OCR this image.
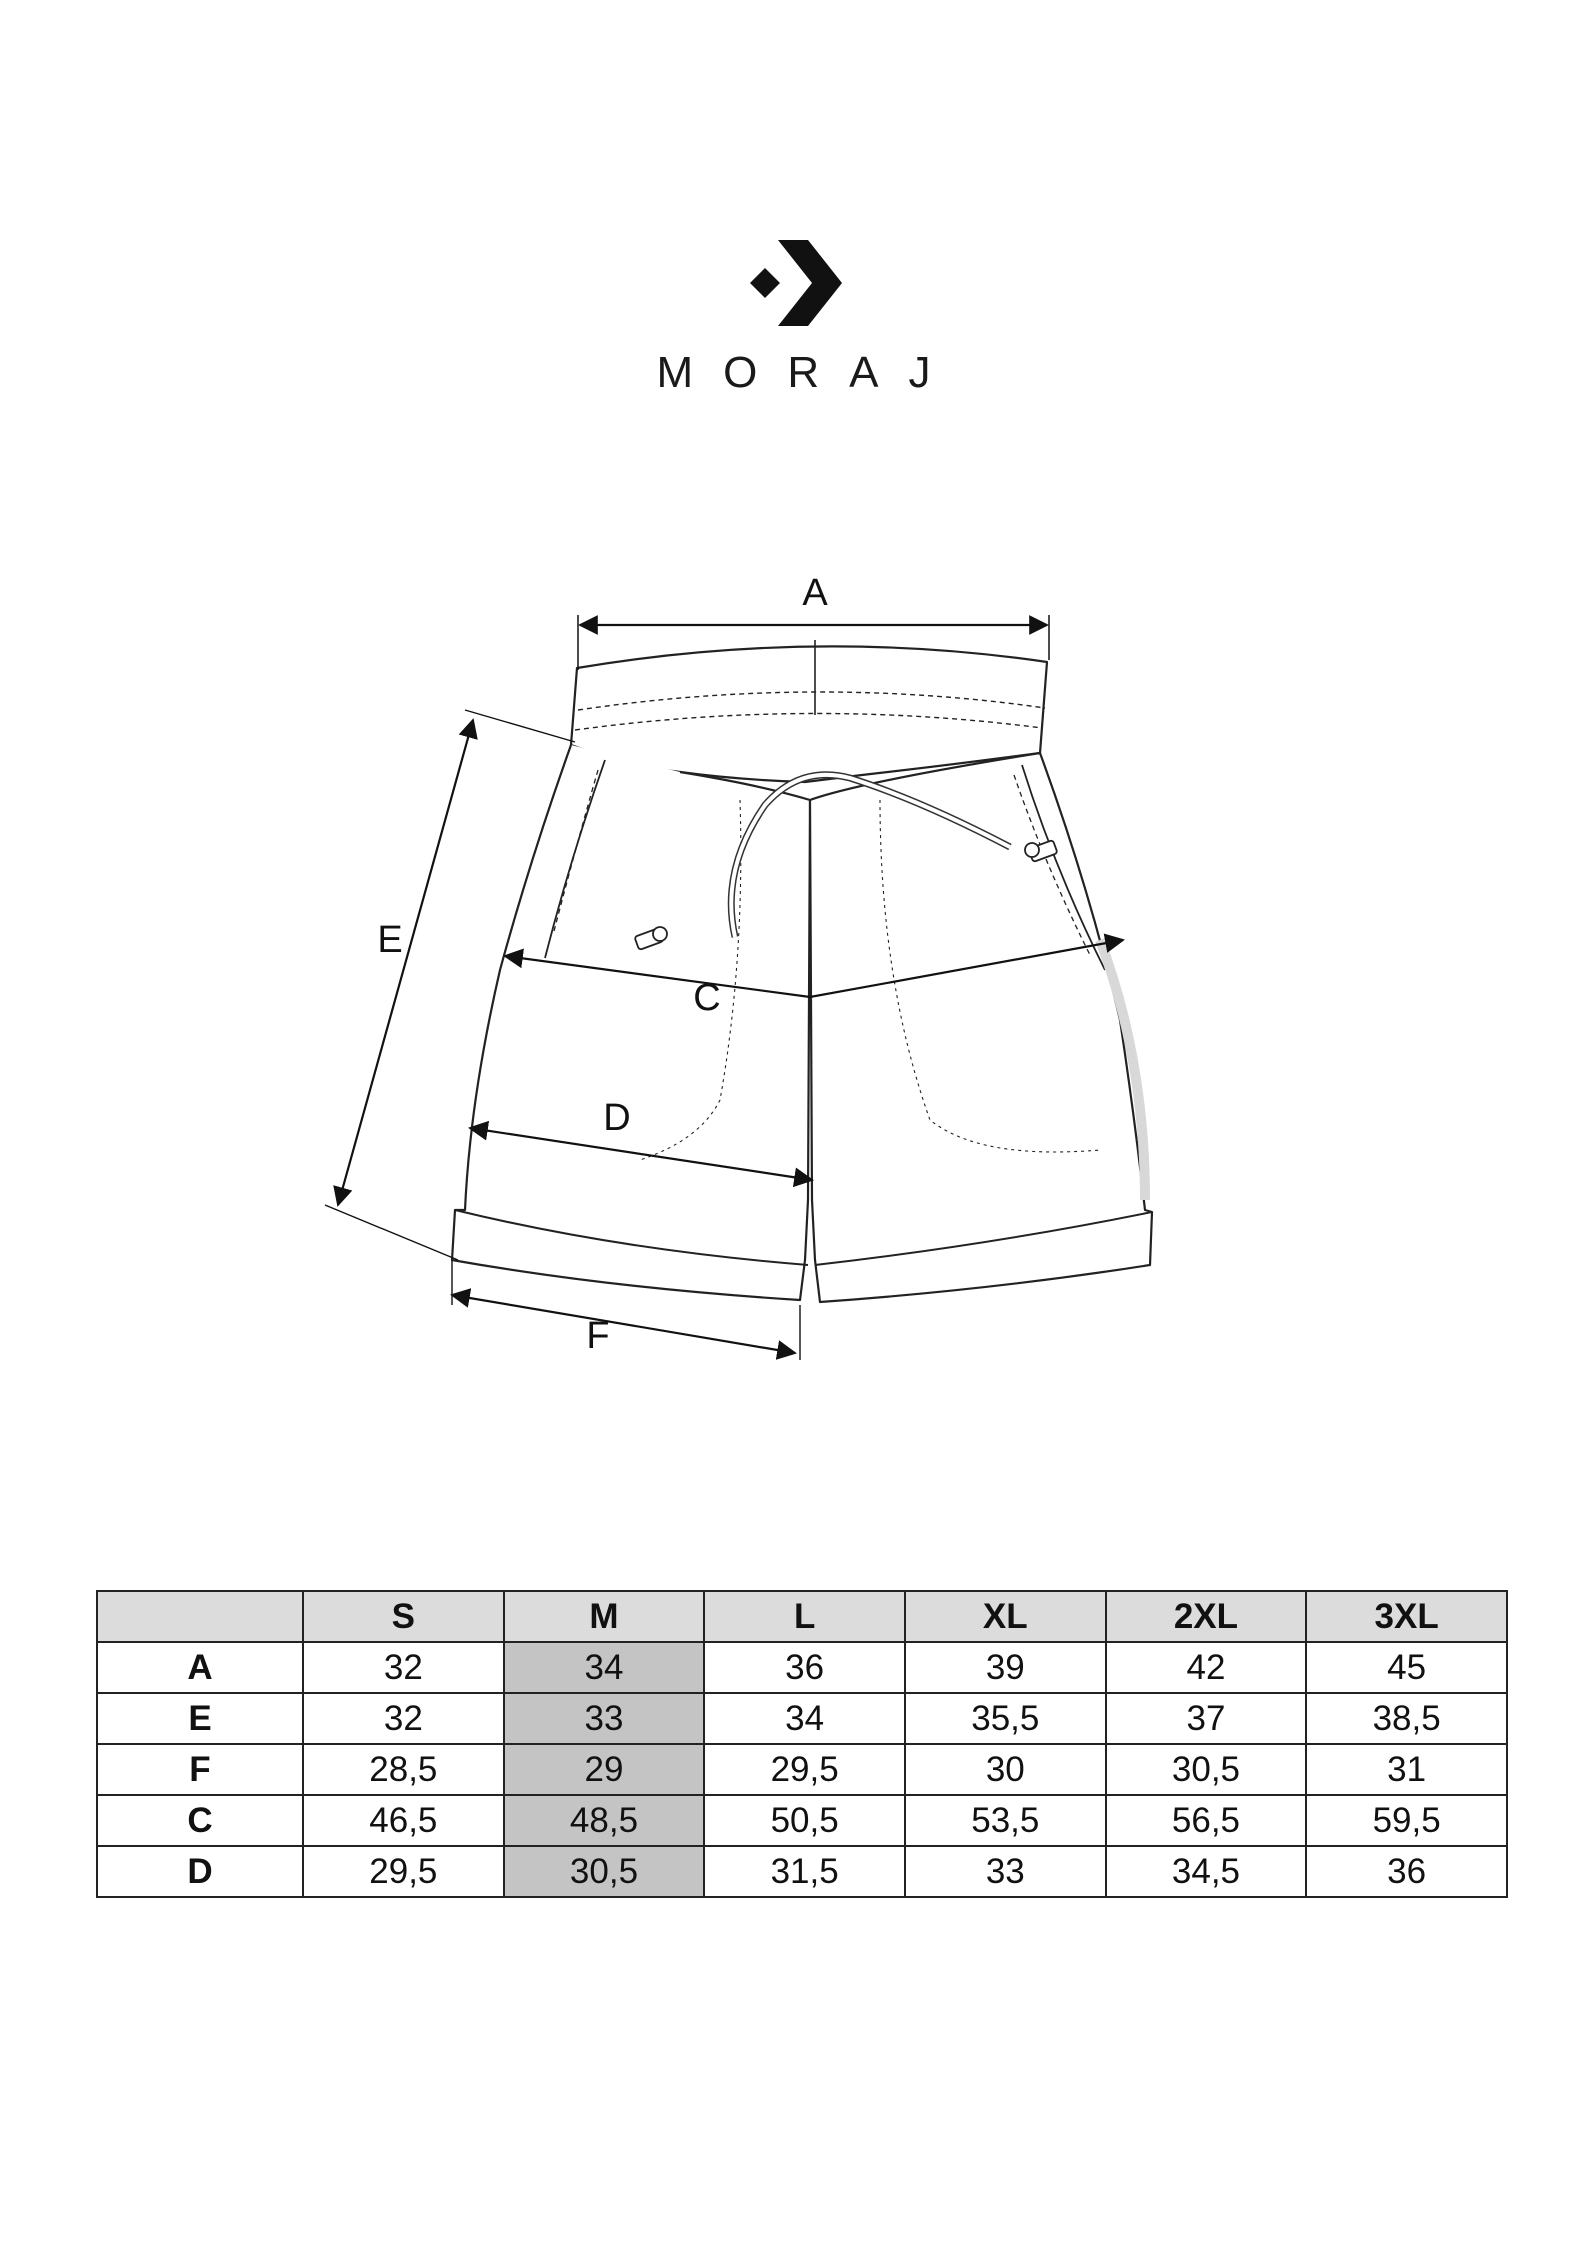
MORAJ
A
E
C
D
F
	S	M	L	XL	2XL	3XL
A	32	34	36	39	42	45
E	32	33	34	35,5	37	38,5
F	28,5	29	29,5	30	30,5	31
C	46,5	48,5	50,5	53,5	56,5	59,5
D	29,5	30,5	31,5	33	34,5	36
